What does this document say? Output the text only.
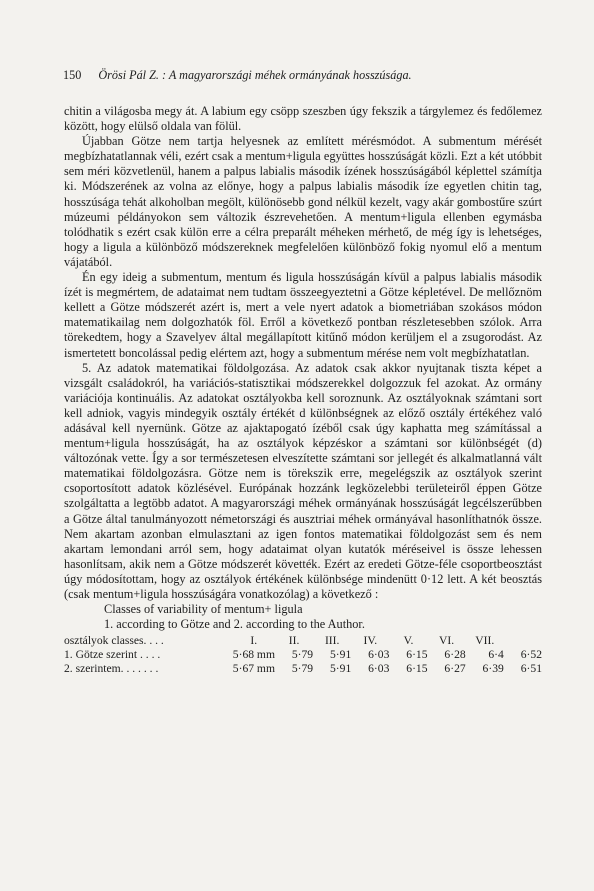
150 Örösi Pál Z. : A magyarországi méhek ormányának hosszúsága.

chitin a világosba megy át. A labium egy csöpp szeszben úgy fekszik a tárgylemez és fedőlemez között, hogy elülső oldala van fölül.

Újabban Götze nem tartja helyesnek az említett mérésmódot. A submentum mérését megbízhatatlannak véli, ezért csak a mentum+ligula együttes hosszúságát közli. Ezt a két utóbbit sem méri közvetlenül, hanem a palpus labialis második ízének hosszúságából képlettel számítja ki. Módszerének az volna az előnye, hogy a palpus labialis második íze egyetlen chitin tag, hosszúsága tehát alkoholban megölt, különösebb gond nélkül kezelt, vagy akár gombostűre szúrt múzeumi példányokon sem változik észrevehetően. A mentum+ligula ellenben egymásba tolódhatik s ezért csak külön erre a célra preparált méheken mérhető, de még így is lehetséges, hogy a ligula a különböző módszereknek megfelelően különböző fokig nyomul elő a mentum vájatából.

Én egy ideig a submentum, mentum és ligula hosszúságán kívül a palpus labialis második ízét is megmértem, de adataimat nem tudtam összeegyeztetni a Götze képletével. De mellőznöm kellett a Götze módszerét azért is, mert a vele nyert adatok a biometriában szokásos módon matematikailag nem dolgozhatók föl. Erről a következő pontban részletesebben szólok. Arra törekedtem, hogy a Szavelyev által megállapított kitűnő módon kerüljem el a zsugorodást. Az ismertetett boncolással pedig elértem azt, hogy a submentum mérése nem volt megbízhatatlan.

5. Az adatok matematikai földolgozása. Az adatok csak akkor nyujtanak tiszta képet a vizsgált családokról, ha variációs-statisztikai módszerekkel dolgozzuk fel azokat. Az ormány variációja kontinuális. Az adatokat osztályokba kell soroznunk. Az osztályoknak számtani sort kell adniok, vagyis mindegyik osztály értékét d különbségnek az előző osztály értékéhez való adásával kell nyernünk. Götze az ajaktapogató ízéből csak úgy kaphatta meg számítással a mentum+ligula hosszúságát, ha az osztályok képzéskor a számtani sor különbségét (d) változónak vette. Így a sor természetesen elveszítette számtani sor jellegét és alkalmatlanná vált matematikai földolgozásra. Götze nem is törekszik erre, megelégszik az osztályok szerint csoportosított adatok közlésével. Európának hozzánk legközelebbi területeiről éppen Götze szolgáltatta a legtöbb adatot. A magyarországi méhek ormányának hosszúságát legcélszerűbben a Götze által tanulmányozott németországi és ausztriai méhek ormányával hasonlíthatnók össze. Nem akartam azonban elmulasztani az igen fontos matematikai földolgozást sem és nem akartam lemondani arról sem, hogy adataimat olyan kutatók méréseivel is össze lehessen hasonlítsam, akik nem a Götze módszerét követték. Ezért az eredeti Götze-féle csoportbeosztást úgy módosítottam, hogy az osztályok értékének különbsége mindenütt 0·12 lett. A két beosztás (csak mentum+ligula hosszúságára vonatkozólag) a következő :

Classes of variability of mentum+ ligula

1. according to Götze and 2. according to the Author.

osztályok classes. . . .	I.	II.	III.	IV.	V.	VI.	VII.	
1. Götze szerint . . . .	5·68 mm	5·79	5·91	6·03	6·15	6·28	6·4	6·52
2. szerintem. . . . . . .	5·67 mm	5·79	5·91	6·03	6·15	6·27	6·39	6·51
